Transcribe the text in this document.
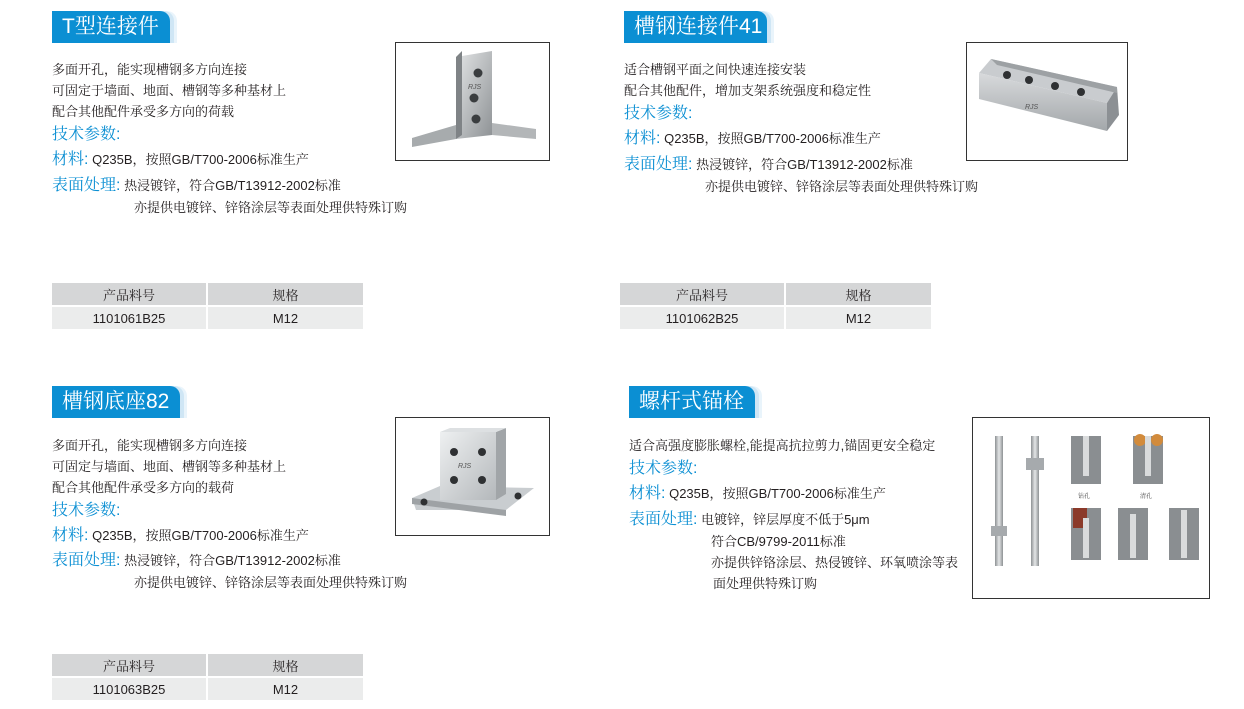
T型连接件
多面开孔，能实现槽钢多方向连接
可固定于墙面、地面、槽钢等多种基材上
配合其他配件承受多方向的荷载
技术参数:
材料: Q235B，按照GB/T700-2006标准生产
表面处理: 热浸镀锌，符合GB/T13912-2002标准
亦提供电镀锌、锌铬涂层等表面处理供特殊订购
RJS
产品料号	规格
1101061B25	M12
槽钢连接件41
适合槽钢平面之间快速连接安装
配合其他配件，增加支架系统强度和稳定性
技术参数:
材料: Q235B，按照GB/T700-2006标准生产
表面处理: 热浸镀锌，符合GB/T13912-2002标准
亦提供电镀锌、锌铬涂层等表面处理供特殊订购
RJS
产品料号	规格
1101062B25	M12
槽钢底座82
多面开孔，能实现槽钢多方向连接
可固定与墙面、地面、槽钢等多种基材上
配合其他配件承受多方向的载荷
技术参数:
材料: Q235B，按照GB/T700-2006标准生产
表面处理: 热浸镀锌，符合GB/T13912-2002标准
亦提供电镀锌、锌铬涂层等表面处理供特殊订购
RJS
产品料号	规格
1101063B25	M12
螺杆式锚栓
适合高强度膨胀螺栓,能提高抗拉剪力,锚固更安全稳定
技术参数:
材料: Q235B，按照GB/T700-2006标准生产
表面处理: 电镀锌，锌层厚度不低于5μm
符合CB/9799-2011标准
亦提供锌铬涂层、热侵镀锌、环氧喷涂等表
面处理供特殊订购
钻孔	清孔
